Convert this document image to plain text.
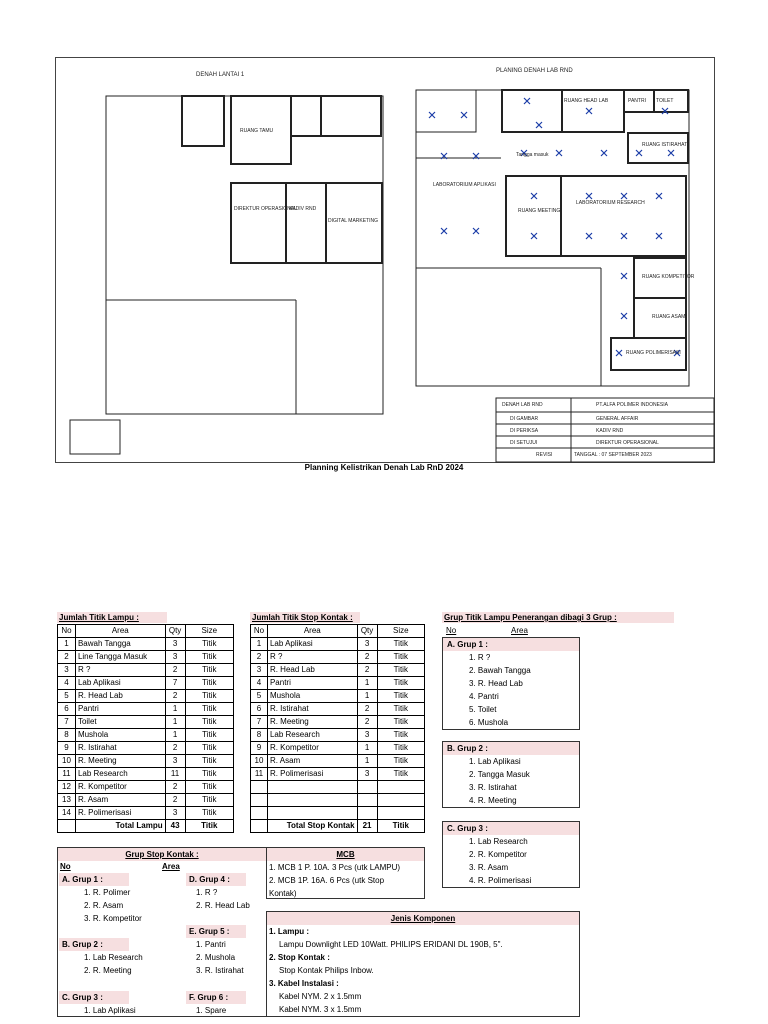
DENAH LANTAI 1
PLANING DENAH LAB RND
RUANG TAMU
DIREKTUR OPERASIONAL
KADIV RND
DIGITAL MARKETING
RUANG HEAD LAB	PANTRI TOILET
RUANG ISTIRAHAT
LABORATORIUM APLIKASI
RUANG MEETING
LABORATORIUM RESEARCH
RUANG KOMPETITOR
RUANG ASAM
RUANG POLIMERISASI
Tangga masuk
DENAH LAB RND	PT.ALFA POLIMER INDONESIA
DI GAMBAR	GENERAL AFFAIR
DI PERIKSA	KADIV RND
DI SETUJUI	DIREKTUR OPERASIONAL
REVISI	TANGGAL : 07 SEPTEMBER 2023
Planning Kelistrikan Denah Lab RnD 2024
Jumlah Titik Lampu :
No	Area	Qty	Size
1	Bawah Tangga	3	Titik
2	Line Tangga Masuk	3	Titik
3	R ?	2	Titik
4	Lab Aplikasi	7	Titik
5	R. Head Lab	2	Titik
6	Pantri	1	Titik
7	Toilet	1	Titik
8	Mushola	1	Titik
9	R. Istirahat	2	Titik
10	R. Meeting	3	Titik
11	Lab Research	11	Titik
12	R. Kompetitor	2	Titik
13	R. Asam	2	Titik
14	R. Polimerisasi	3	Titik
	Total Lampu	43	Titik
Jumlah Titik Stop Kontak :
No	Area	Qty	Size
1	Lab Aplikasi	3	Titik
2	R ?	2	Titik
3	R. Head Lab	2	Titik
4	Pantri	1	Titik
5	Mushola	1	Titik
6	R. Istirahat	2	Titik
7	R. Meeting	2	Titik
8	Lab Research	3	Titik
9	R. Kompetitor	1	Titik
10	R. Asam	1	Titik
11	R. Polimerisasi	3	Titik

	Total Stop Kontak	21	Titik
Grup Titik Lampu Penerangan dibagi 3 Grup :
No	Area
A. Grup 1 :
1. R ?
2. Bawah Tangga
3. R. Head Lab
4. Pantri
5. Toilet
6. Mushola
B. Grup 2 :
1. Lab Aplikasi
2. Tangga Masuk
3. R. Istirahat
4. R. Meeting
C. Grup 3 :
1. Lab Research
2. R. Kompetitor
3. R. Asam
4. R. Polimerisasi
Grup Stop Kontak :
No	Area
A. Grup 1 :
1. R. Polimer
2. R. Asam
3. R. Kompetitor
B. Grup 2 :
1. Lab Research
2. R. Meeting
C. Grup 3 :
1. Lab Aplikasi
D. Grup 4 :
1. R ?
2. R. Head Lab
E. Grup 5 :
1. Pantri
2. Mushola
3. R. Istirahat
F. Grup 6 :
1. Spare
MCB
1. MCB 1 P. 10A. 3 Pcs (utk LAMPU)
2. MCB 1P. 16A. 6 Pcs (utk Stop
Kontak)
Jenis Komponen
1. Lampu :
Lampu Downlight LED 10Watt. PHILIPS ERIDANI DL 190B, 5".
2. Stop Kontak :
Stop Kontak Philips Inbow.
3. Kabel Instalasi :
Kabel NYM. 2 x 1.5mm
Kabel NYM. 3 x 1.5mm
